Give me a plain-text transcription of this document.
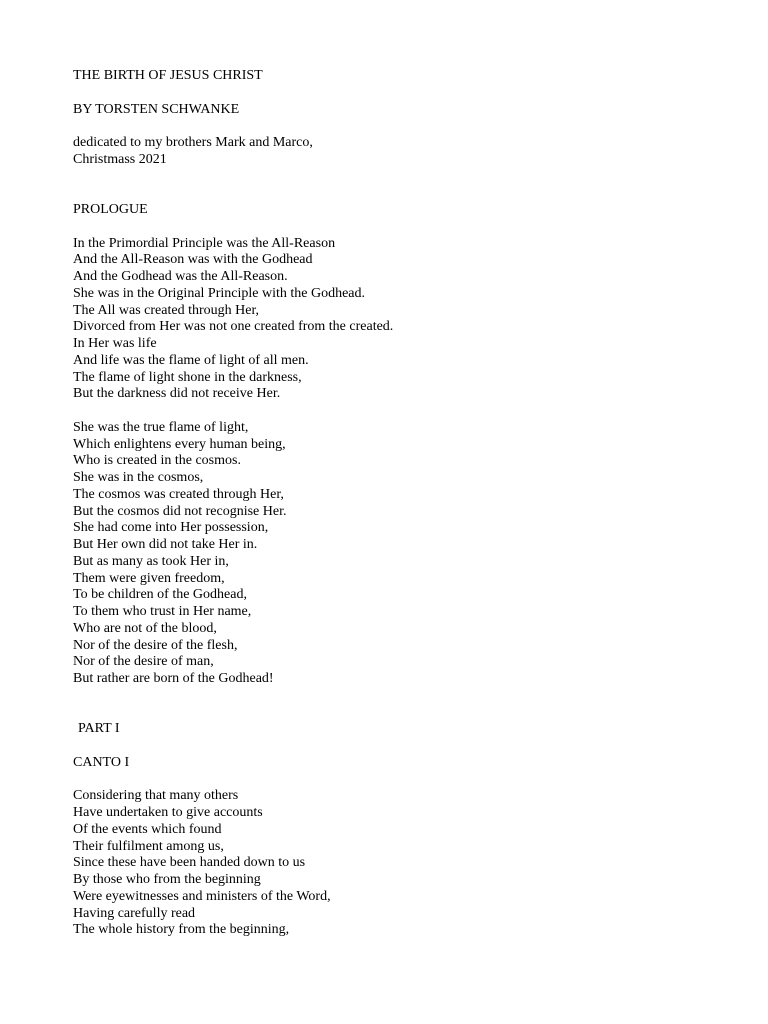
THE BIRTH OF JESUS CHRIST
BY TORSTEN SCHWANKE
dedicated to my brothers Mark and Marco,
Christmass 2021
PROLOGUE
In the Primordial Principle was the All-Reason
And the All-Reason was with the Godhead
And the Godhead was the All-Reason.
She was in the Original Principle with the Godhead.
The All was created through Her,
Divorced from Her was not one created from the created.
In Her was life
And life was the flame of light of all men.
The flame of light shone in the darkness,
But the darkness did not receive Her.
She was the true flame of light,
Which enlightens every human being,
Who is created in the cosmos.
She was in the cosmos,
The cosmos was created through Her,
But the cosmos did not recognise Her.
She had come into Her possession,
But Her own did not take Her in.
But as many as took Her in,
Them were given freedom,
To be children of the Godhead,
To them who trust in Her name,
Who are not of the blood,
Nor of the desire of the flesh,
Nor of the desire of man,
But rather are born of the Godhead!
PART I
CANTO I
Considering that many others
Have undertaken to give accounts
Of the events which found
Their fulfilment among us,
Since these have been handed down to us
By those who from the beginning
Were eyewitnesses and ministers of the Word,
Having carefully read
The whole history from the beginning,
